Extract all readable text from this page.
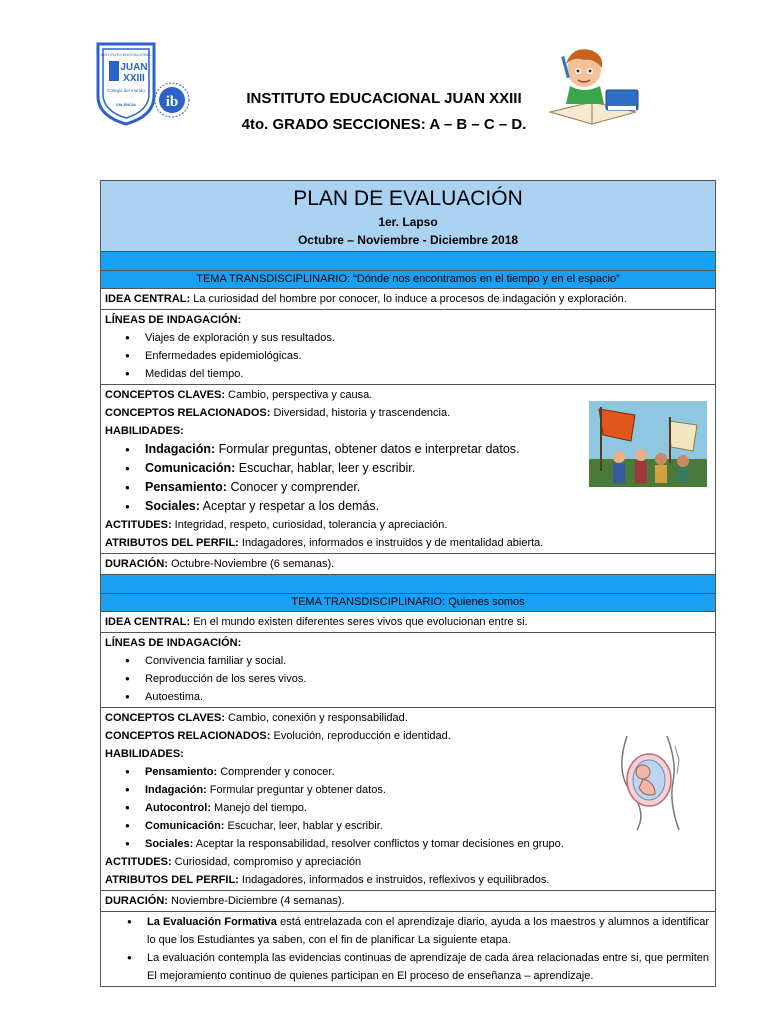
INSTITUTO EDUCACIONAL
JUAN
XXIII
Colegio del mundo
VALENCIA ib	INSTITUTO EDUCACIONAL JUAN XXIII
4to. GRADO SECCIONES: A – B – C – D.
PLAN DE EVALUACIÓN
1er. Lapso
Octubre – Noviembre - Diciembre 2018
TEMA TRANSDISCIPLINARIO: “Dónde nos encontramos en el tiempo y en el espacio”
IDEA CENTRAL: La curiosidad del hombre por conocer, lo induce a procesos de indagación y exploración.
LÍNEAS DE INDAGACIÓN:
● Viajes de exploración y sus resultados.
● Enfermedades epidemiológicas.
● Medidas del tiempo.
CONCEPTOS CLAVES: Cambio, perspectiva y causa.
CONCEPTOS RELACIONADOS: Diversidad, historia y trascendencia.
HABILIDADES:
● Indagación: Formular preguntas, obtener datos e interpretar datos.
● Comunicación: Escuchar, hablar, leer y escribir.
● Pensamiento: Conocer y comprender.
● Sociales: Aceptar y respetar a los demás.
ACTITUDES: Integridad, respeto, curiosidad, tolerancia y apreciación.
ATRIBUTOS DEL PERFIL: Indagadores, informados e instruidos y de mentalidad abierta.
DURACIÓN: Octubre-Noviembre (6 semanas).
TEMA TRANSDISCIPLINARIO: Quienes somos
IDEA CENTRAL: En el mundo existen diferentes seres vivos que evolucionan entre si.
LÍNEAS DE INDAGACIÓN:
● Convivencia familiar y social.
● Reproducción de los seres vivos.
● Autoestima.
CONCEPTOS CLAVES: Cambio, conexión y responsabilidad.
CONCEPTOS RELACIONADOS: Evolución, reproducción e identidad.
HABILIDADES:
● Pensamiento: Comprender y conocer.
● Indagación: Formular preguntar y obtener datos.
● Autocontrol: Manejo del tiempo.
● Comunicación: Escuchar, leer, hablar y escribir.
● Sociales: Aceptar la responsabilidad, resolver conflictos y tomar decisiones en grupo.
ACTITUDES: Curiosidad, compromiso y apreciación
ATRIBUTOS DEL PERFIL: Indagadores, informados e instruidos, reflexivos y equilibrados.
DURACIÓN: Noviembre-Diciembre (4 semanas).
● La Evaluación Formativa está entrelazada con el aprendizaje diario, ayuda a los maestros y alumnos a identificar lo que los Estudiantes ya saben, con el fin de planificar La siguiente etapa.
● La evaluación contempla las evidencias continuas de aprendizaje de cada área relacionadas entre si, que permiten El mejoramiento continuo de quienes participan en El proceso de enseñanza – aprendizaje.
